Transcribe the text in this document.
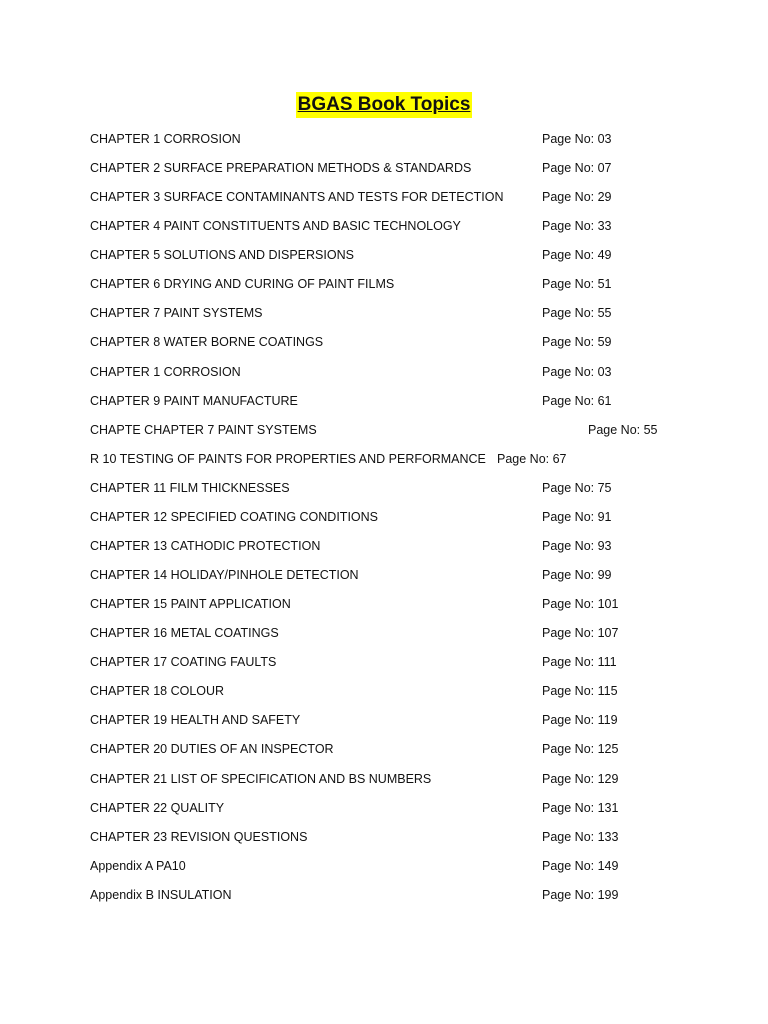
BGAS Book Topics
CHAPTER 1 CORROSION	Page No: 03
CHAPTER 2 SURFACE PREPARATION METHODS & STANDARDS	Page No: 07
CHAPTER 3 SURFACE CONTAMINANTS AND TESTS FOR DETECTION	Page No: 29
CHAPTER 4 PAINT CONSTITUENTS AND BASIC TECHNOLOGY	Page No: 33
CHAPTER 5 SOLUTIONS AND DISPERSIONS	Page No: 49
CHAPTER 6 DRYING AND CURING OF PAINT FILMS	Page No: 51
CHAPTER 7 PAINT SYSTEMS	Page No: 55
CHAPTER 8 WATER BORNE COATINGS	Page No: 59
CHAPTER 1 CORROSION	Page No: 03
CHAPTER 9 PAINT MANUFACTURE	Page No: 61
CHAPTE CHAPTER 7 PAINT SYSTEMS	Page No: 55
R 10 TESTING OF PAINTS FOR PROPERTIES AND PERFORMANCE Page No: 67
CHAPTER 11 FILM THICKNESSES	Page No: 75
CHAPTER 12 SPECIFIED COATING CONDITIONS	Page No: 91
CHAPTER 13 CATHODIC PROTECTION	Page No: 93
CHAPTER 14 HOLIDAY/PINHOLE DETECTION	Page No: 99
CHAPTER 15 PAINT APPLICATION	Page No: 101
CHAPTER 16 METAL COATINGS	Page No: 107
CHAPTER 17 COATING FAULTS	Page No: 111
CHAPTER 18 COLOUR	Page No: 115
CHAPTER 19 HEALTH AND SAFETY	Page No: 119
CHAPTER 20 DUTIES OF AN INSPECTOR	Page No: 125
CHAPTER 21 LIST OF SPECIFICATION AND BS NUMBERS	Page No: 129
CHAPTER 22 QUALITY	Page No: 131
CHAPTER 23 REVISION QUESTIONS	Page No: 133
Appendix A PA10	Page No: 149
Appendix B INSULATION	Page No: 199
